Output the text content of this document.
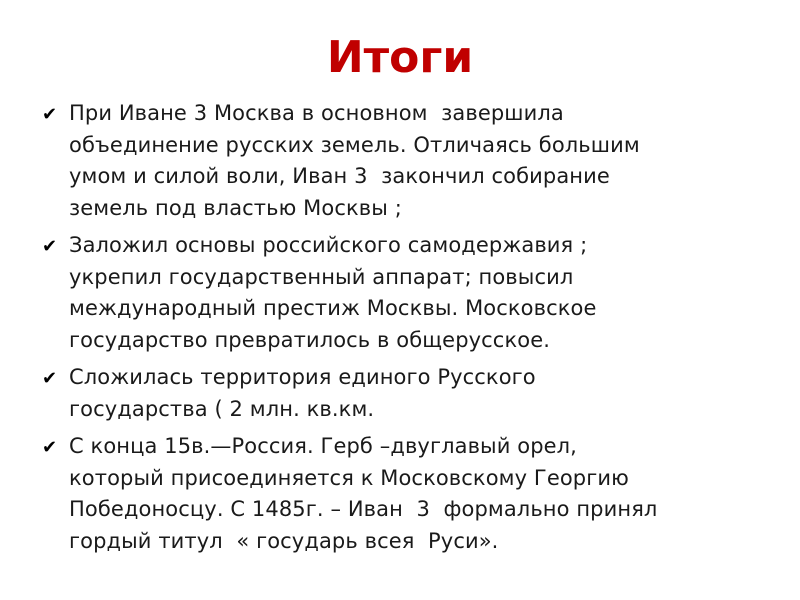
Итоги
✔ При Иване 3 Москва в основном  завершила
объединение русских земель. Отличаясь большим
умом и силой воли, Иван 3  закончил собирание
земель под властью Москвы ;
✔ Заложил основы российского самодержавия ;
укрепил государственный аппарат; повысил
международный престиж Москвы. Московское
государство превратилось в общерусское.
✔ Сложилась территория единого Русского
государства ( 2 млн. кв.км.
✔ С конца 15в.—Россия. Герб –двуглавый орел,
который присоединяется к Московскому Георгию
Победоносцу. С 1485г. – Иван  3  формально принял
гордый титул  « государь всея  Руси».
